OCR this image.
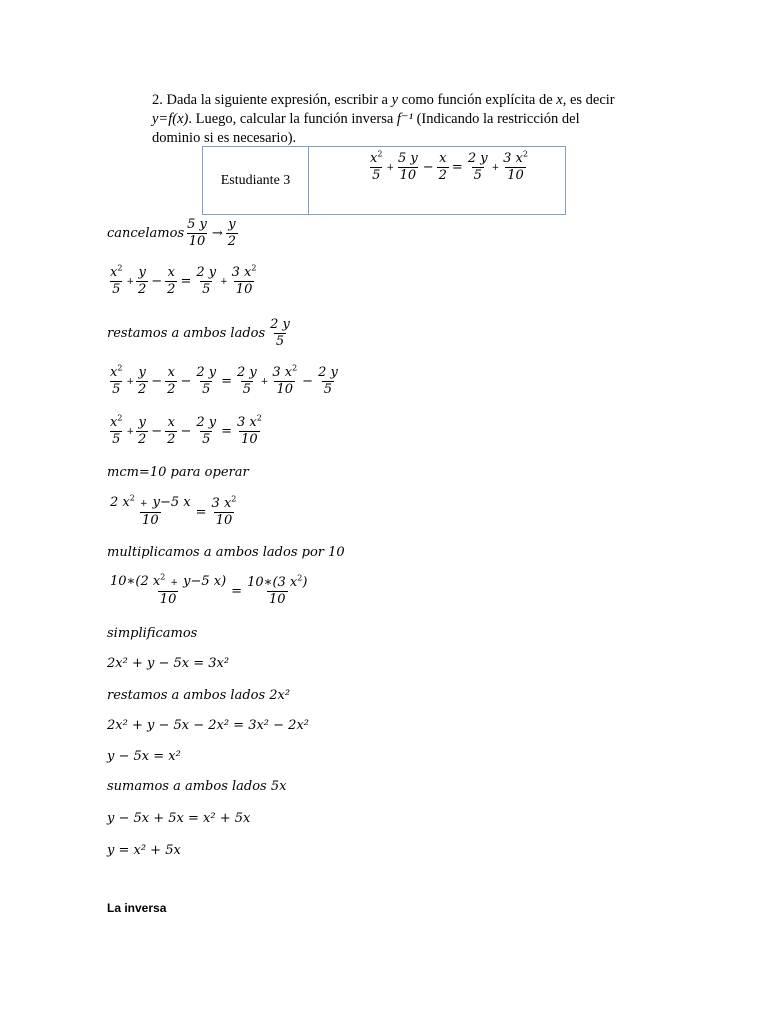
2. Dada la siguiente expresión, escribir a y como función explícita de x, es decir
y=f(x). Luego, calcular la función inversa f⁻¹ (Indicando la restricción del
dominio si es necesario).
Estudiante 3	$\frac{x^2}{5} + \frac{5 y}{10} - \frac{x}{2} = \frac{2 y}{5} + \frac{3 x^2}{10}$
cancelamos $\frac{5 y}{10} \to \frac{y}{2}$
$\frac{x^2}{5} + \frac{y}{2} - \frac{x}{2} = \frac{2 y}{5} + \frac{3 x^2}{10}$
restamos a ambos lados $\frac{2 y}{5}$
$\frac{x^2}{5} + \frac{y}{2} - \frac{x}{2} - \frac{2 y}{5} = \frac{2 y}{5} + \frac{3 x^2}{10} - \frac{2 y}{5}$
$\frac{x^2}{5} + \frac{y}{2} - \frac{x}{2} - \frac{2 y}{5} = \frac{3 x^2}{10}$
mcm=10 para operar
$\frac{2 x^2 + y-5 x}{10} = \frac{3 x^2}{10}$
multiplicamos a ambos lados por 10
$\frac{10∗(2 x^2 + y-5 x)}{10} = \frac{10∗(3 x^2)}{10}$
simplificamos
2x² + y − 5x = 3x²
restamos a ambos lados 2x²
2x² + y − 5x − 2x² = 3x² − 2x²
y − 5x = x²
sumamos a ambos lados 5x
y − 5x + 5x = x² + 5x
y = x² + 5x
La inversa
